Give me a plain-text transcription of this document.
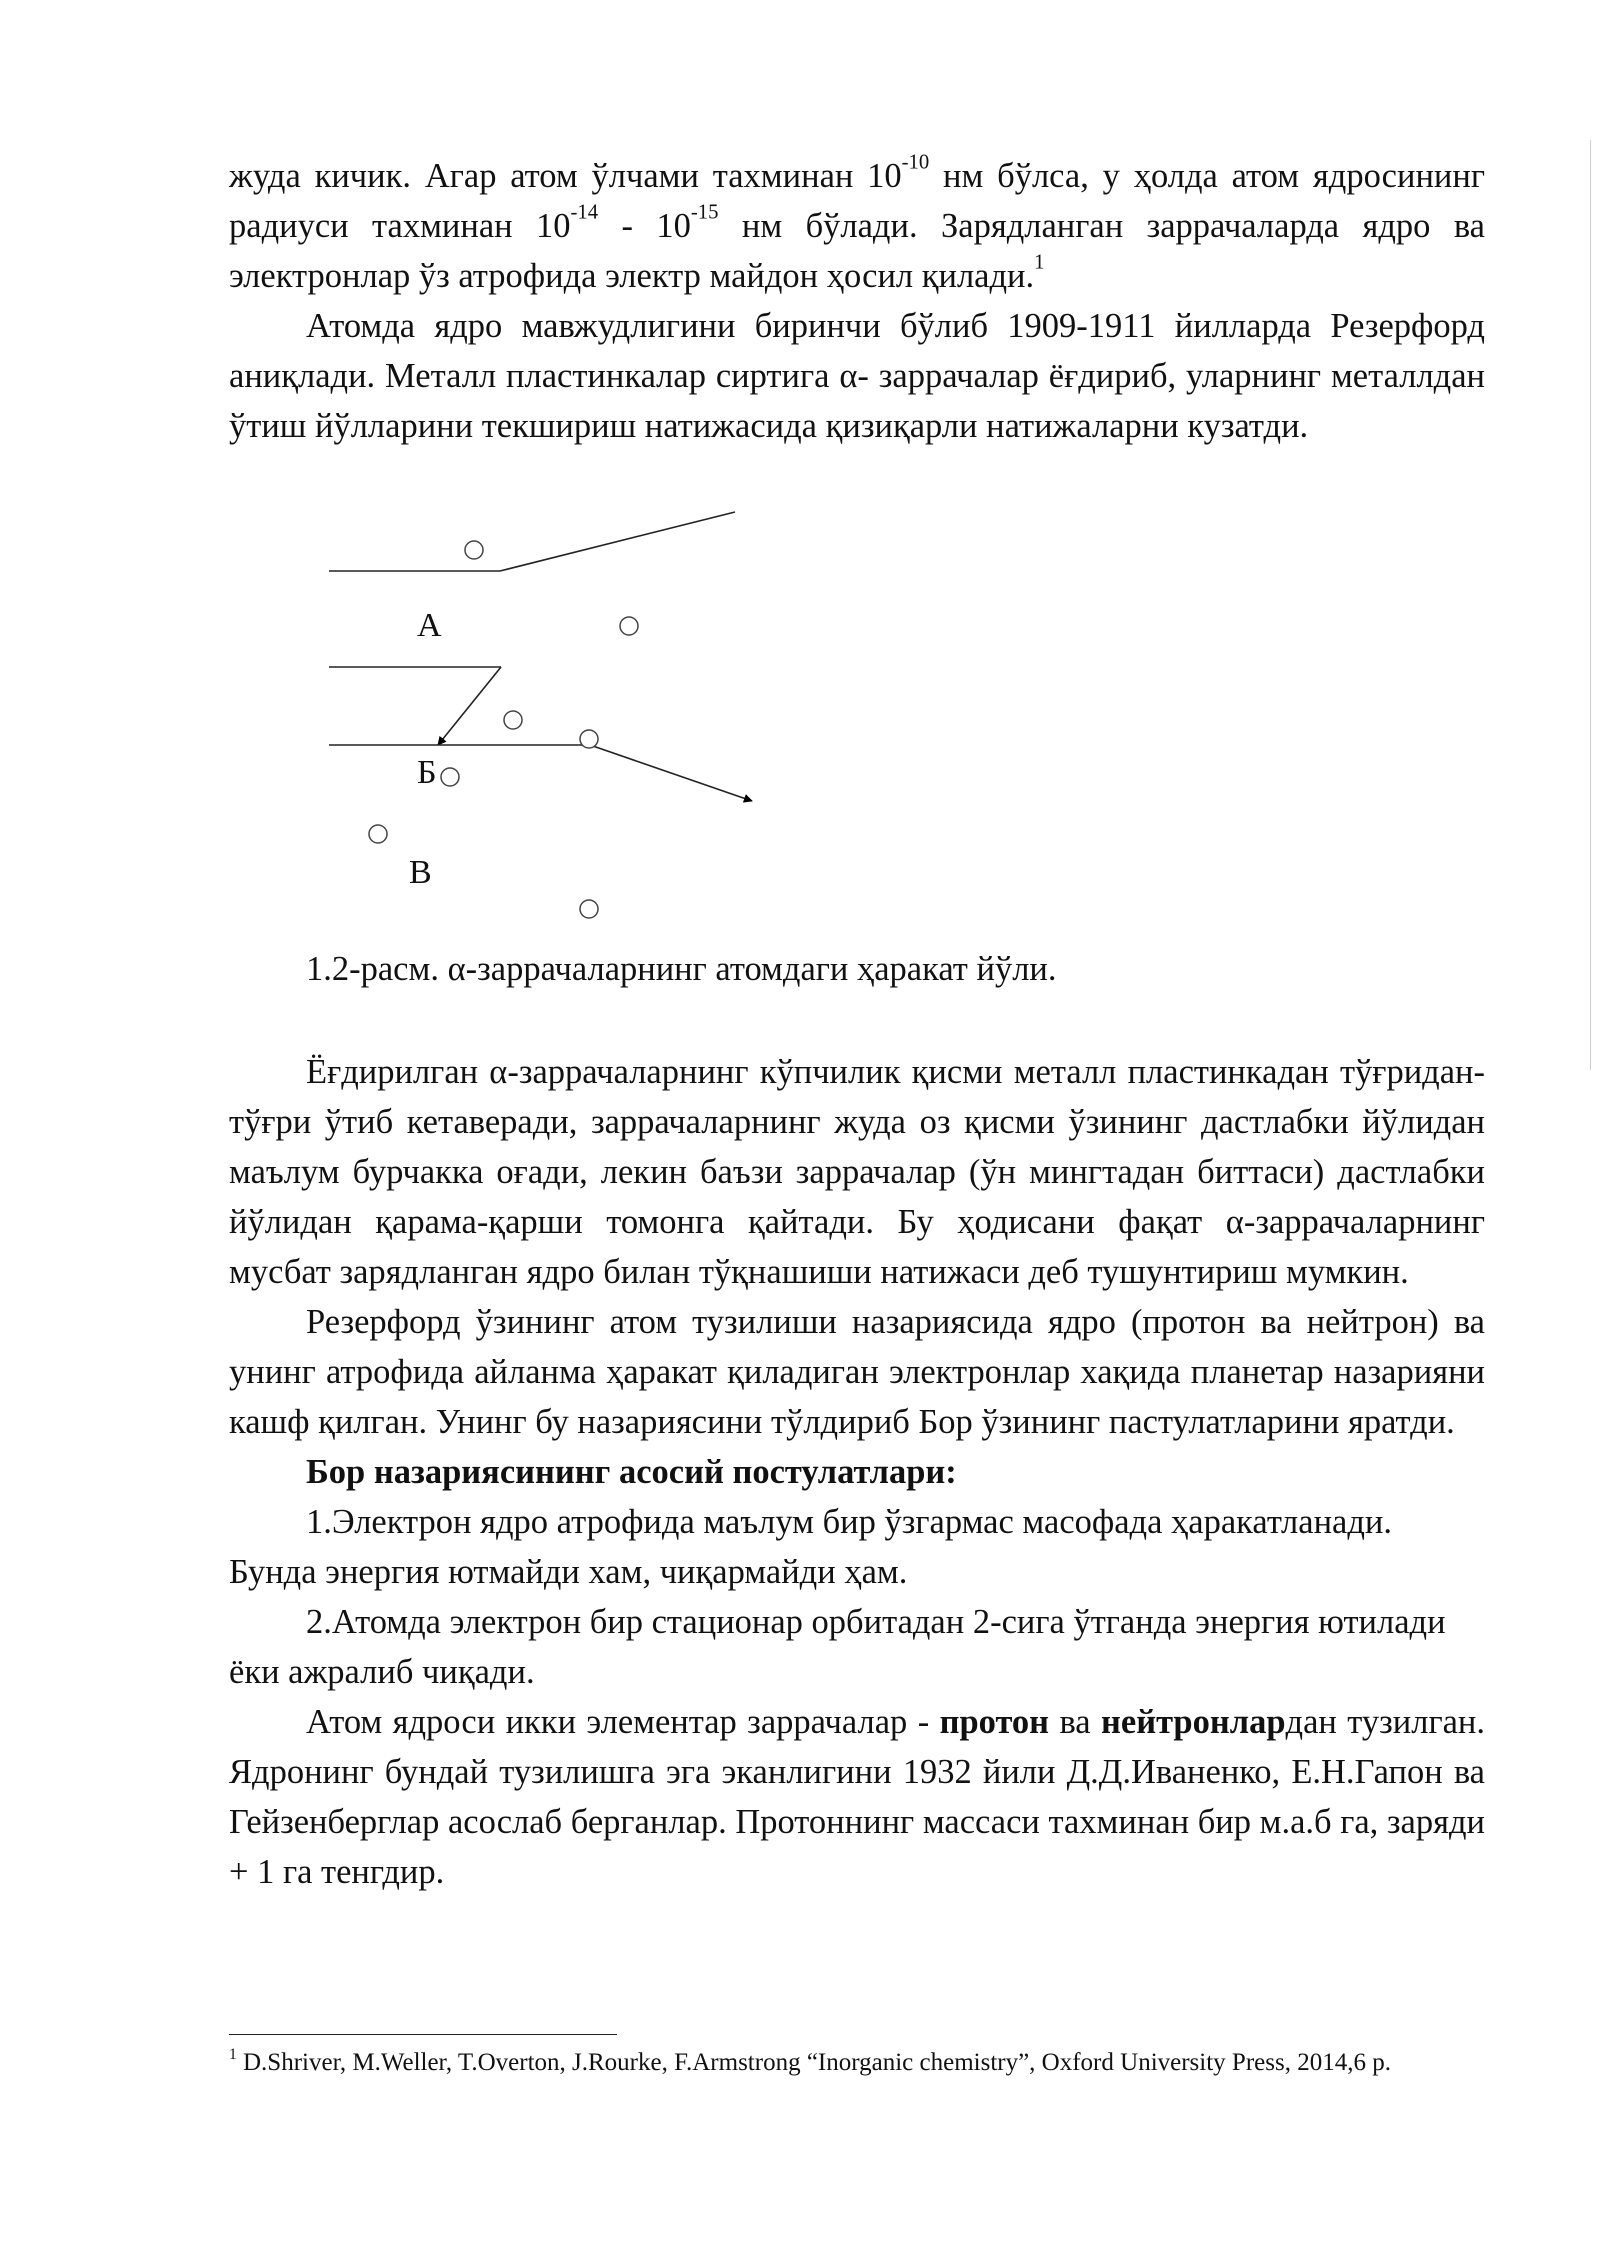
жуда кичик. Агар атом ўлчами тахминан $10^{-10}$ нм бўлса, у ҳолда атом ядросининг радиуси тахминан $10^{-14} - 10^{-15}$ нм бўлади. Зарядланган заррачаларда ядро ва электронлар ўз атрофида электр майдон ҳосил қилади.$^1$

Атомда ядро мавжудлигини биринчи бўлиб 1909-1911 йилларда Резерфорд аниқлади. Металл пластинкалар сиртига α- заррачалар ёғдириб, уларнинг металлдан ўтиш йўлларини текшириш натижасида қизиқарли натижаларни кузатди.

А
Б
В
1.2-расм. α-заррачаларнинг атомдаги ҳаракат йўли.

Ёғдирилган α-заррачаларнинг кўпчилик қисми металл пластинкадан тўғридан-тўғри ўтиб кетаверади, заррачаларнинг жуда оз қисми ўзининг дастлабки йўлидан маълум бурчакка оғади, лекин баъзи заррачалар (ўн мингтадан биттаси) дастлабки йўлидан қарама-қарши томонга қайтади. Бу ҳодисани фақат α-заррачаларнинг мусбат зарядланган ядро билан тўқнашиши натижаси деб тушунтириш мумкин.

Резерфорд ўзининг атом тузилиши назариясида ядро (протон ва нейтрон) ва унинг атрофида айланма ҳаракат қиладиган электронлар хақида планетар назарияни кашф қилган. Унинг бу назариясини тўлдириб Бор ўзининг пастулатларини яратди.

Бор назариясининг асосий постулатлари:

1.Электрон ядро атрофида маълум бир ўзгармас масофада ҳаракатланади. Бунда энергия ютмайди хам, чиқармайди ҳам.

2.Атомда электрон бир стационар орбитадан 2-сига ўтганда энергия ютилади ёки ажралиб чиқади.

Атом ядроси икки элементар заррачалар - протон ва нейтронлардан тузилган. Ядронинг бундай тузилишга эга эканлигини 1932 йили Д.Д.Иваненко, Е.Н.Гапон ва Гейзенберглар асослаб берганлар. Протоннинг массаси тахминан бир м.а.б га, заряди + 1 га тенгдир.

$^1$ D.Shriver, M.Weller, T.Overton, J.Rourke, F.Armstrong “Inorganic chemistry”, Oxford University Press, 2014,6 p.
